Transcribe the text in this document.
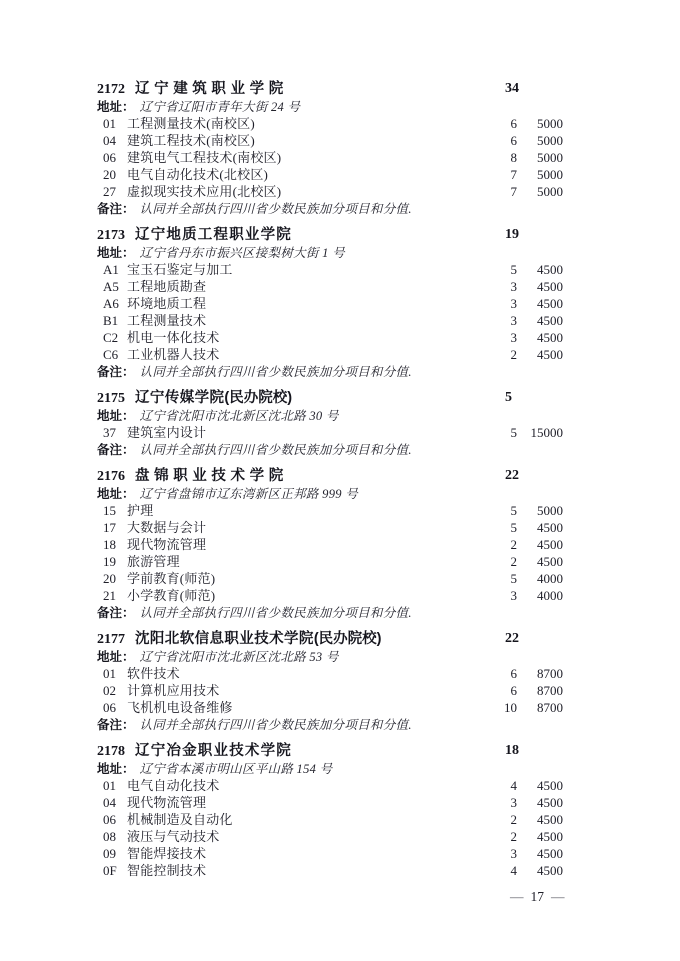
2172 辽宁建筑职业学院	34
地址： 辽宁省辽阳市青年大街 24 号
01 工程测量技术(南校区)	6	5000
04 建筑工程技术(南校区)	6	5000
06 建筑电气工程技术(南校区)	8	5000
20 电气自动化技术(北校区)	7	5000
27 虚拟现实技术应用(北校区)	7	5000
备注： 认同并全部执行四川省少数民族加分项目和分值.
2173 辽宁地质工程职业学院	19
地址： 辽宁省丹东市振兴区接梨树大街 1 号
A1 宝玉石鉴定与加工	5	4500
A5 工程地质勘查	3	4500
A6 环境地质工程	3	4500
B1 工程测量技术	3	4500
C2 机电一体化技术	3	4500
C6 工业机器人技术	2	4500
备注： 认同并全部执行四川省少数民族加分项目和分值.
2175 辽宁传媒学院(民办院校)	5
地址： 辽宁省沈阳市沈北新区沈北路 30 号
37 建筑室内设计	5	15000
备注： 认同并全部执行四川省少数民族加分项目和分值.
2176 盘锦职业技术学院	22
地址： 辽宁省盘锦市辽东湾新区正邦路 999 号
15 护理	5	5000
17 大数据与会计	5	4500
18 现代物流管理	2	4500
19 旅游管理	2	4500
20 学前教育(师范)	5	4000
21 小学教育(师范)	3	4000
备注： 认同并全部执行四川省少数民族加分项目和分值.
2177 沈阳北软信息职业技术学院(民办院校)	22
地址： 辽宁省沈阳市沈北新区沈北路 53 号
01 软件技术	6	8700
02 计算机应用技术	6	8700
06 飞机机电设备维修	10	8700
备注： 认同并全部执行四川省少数民族加分项目和分值.
2178 辽宁冶金职业技术学院	18
地址： 辽宁省本溪市明山区平山路 154 号
01 电气自动化技术	4	4500
04 现代物流管理	3	4500
06 机械制造及自动化	2	4500
08 液压与气动技术	2	4500
09 智能焊接技术	3	4500
0F 智能控制技术	4	4500
— 17 —
